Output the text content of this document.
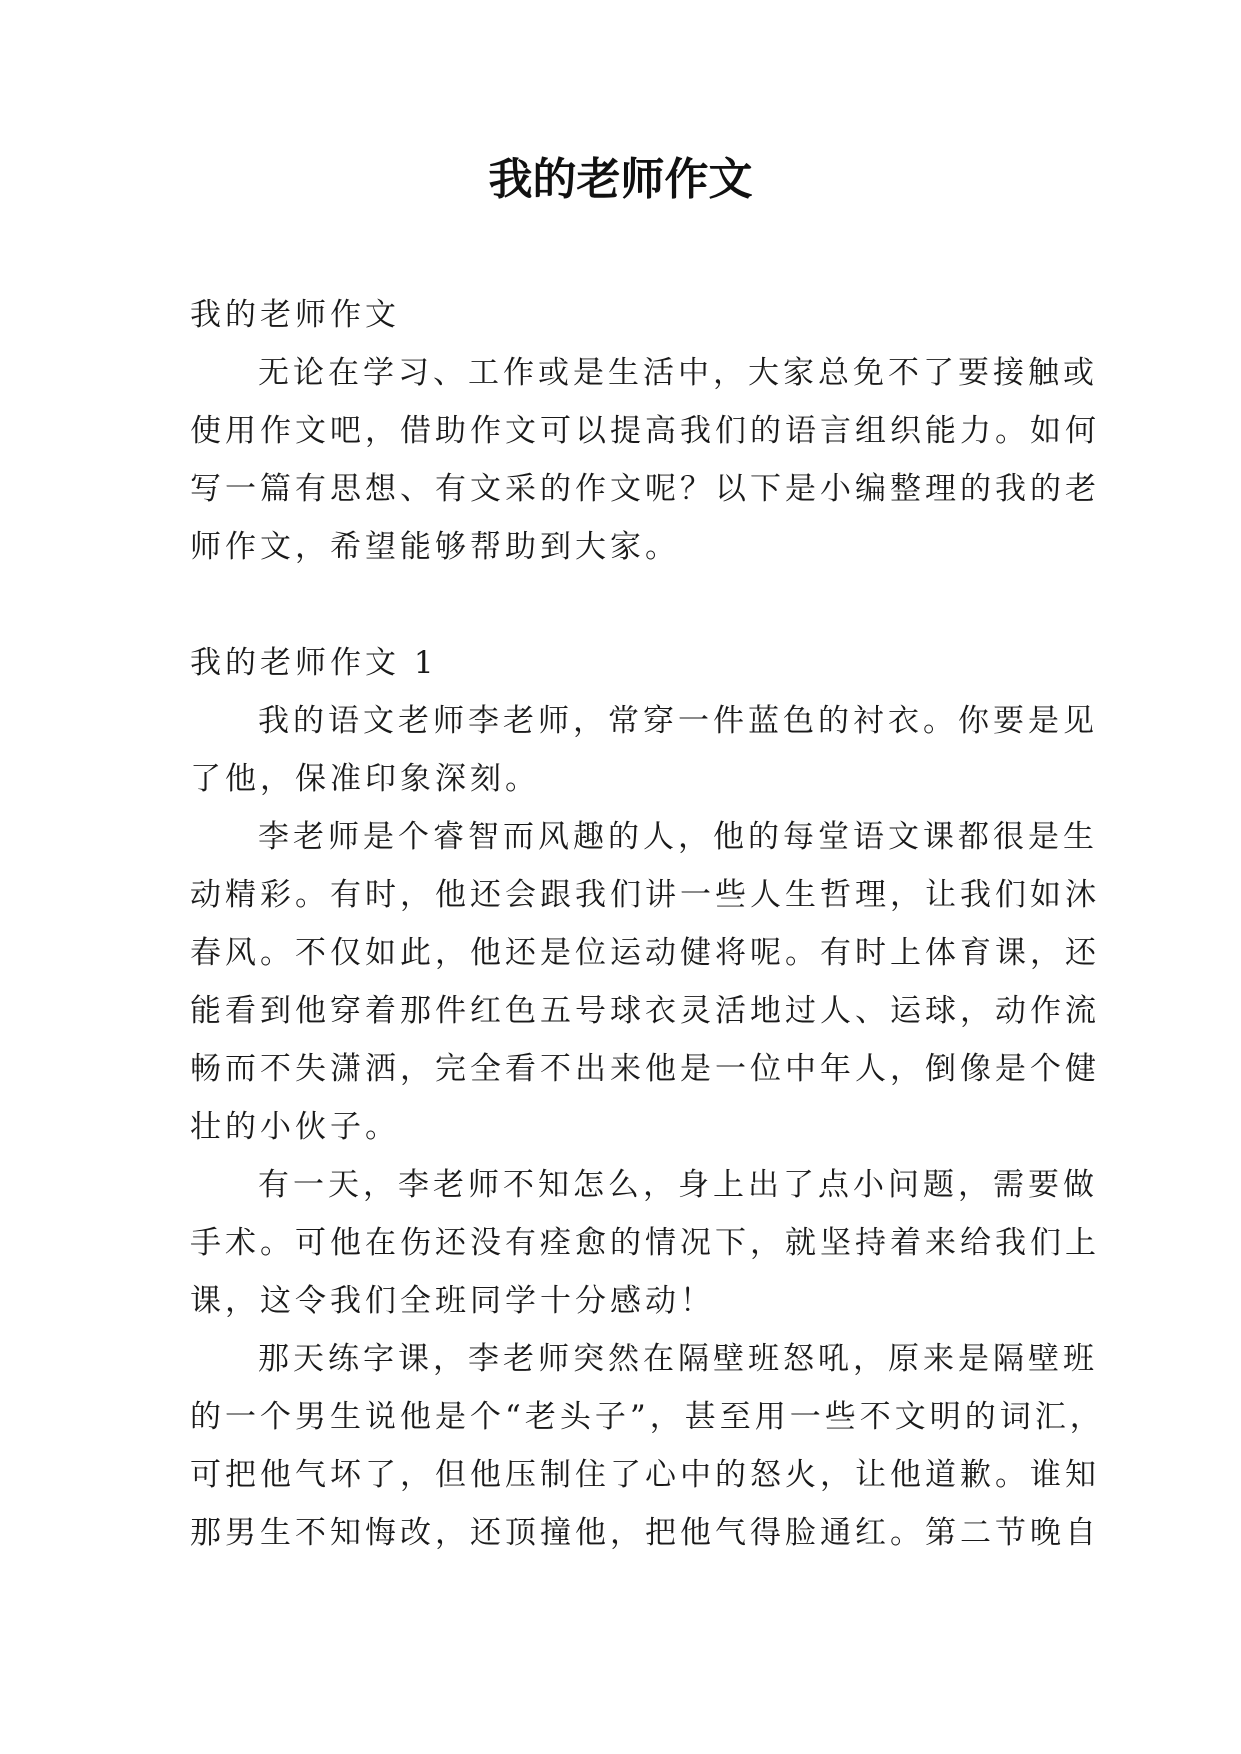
我的老师作文

我的老师作文

无论在学习、工作或是生活中，大家总免不了要接触或

使用作文吧，借助作文可以提高我们的语言组织能力。如何

写一篇有思想、有文采的作文呢？以下是小编整理的我的老

师作文，希望能够帮助到大家。

我的老师作文 1

我的语文老师李老师，常穿一件蓝色的衬衣。你要是见

了他，保准印象深刻。

李老师是个睿智而风趣的人，他的每堂语文课都很是生

动精彩。有时，他还会跟我们讲一些人生哲理，让我们如沐

春风。不仅如此，他还是位运动健将呢。有时上体育课，还

能看到他穿着那件红色五号球衣灵活地过人、运球，动作流

畅而不失潇洒，完全看不出来他是一位中年人，倒像是个健

壮的小伙子。

有一天，李老师不知怎么，身上出了点小问题，需要做

手术。可他在伤还没有痊愈的情况下，就坚持着来给我们上

课，这令我们全班同学十分感动！

那天练字课，李老师突然在隔壁班怒吼，原来是隔壁班

的一个男生说他是个“老头子”，甚至用一些不文明的词汇，

可把他气坏了，但他压制住了心中的怒火，让他道歉。谁知

那男生不知悔改，还顶撞他，把他气得脸通红。第二节晚自
